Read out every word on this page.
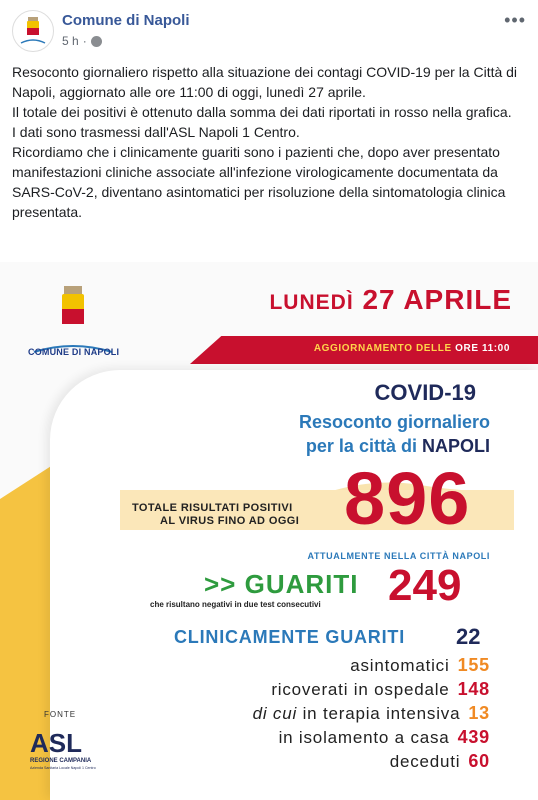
Comune di Napoli
5 h ·
•••

Resoconto giornaliero rispetto alla situazione dei contagi COVID-19 per la Città di Napoli, aggiornato alle ore 11:00 di oggi, lunedì 27 aprile.

Il totale dei positivi è ottenuto dalla somma dei dati riportati in rosso nella grafica.

I dati sono trasmessi dall'ASL Napoli 1 Centro.

Ricordiamo che i clinicamente guariti sono i pazienti che, dopo aver presentato manifestazioni cliniche associate all'infezione virologicamente documentata da SARS-CoV-2, diventano asintomatici per risoluzione della sintomatologia clinica presentata.

COMUNE DI NAPOLI
LUNEDÌ 27 APRILE
AGGIORNAMENTO DELLE ORE 11:00
COVID-19
Resoconto giornaliero
per la città di NAPOLI
TOTALE RISULTATI POSITIVI
AL VIRUS FINO AD OGGI 896
ATTUALMENTE NELLA CITTÀ NAPOLI
>> GUARITI
che risultano negativi in due test consecutivi 249
CLINICAMENTE GUARITI 22
asintomatici 155
ricoverati in ospedale 148
di cui in terapia intensiva 13
in isolamento a casa 439
deceduti 60
FONTE
ASL
REGIONE CAMPANIA
Azienda Sanitaria Locale Napoli 1 Centro
